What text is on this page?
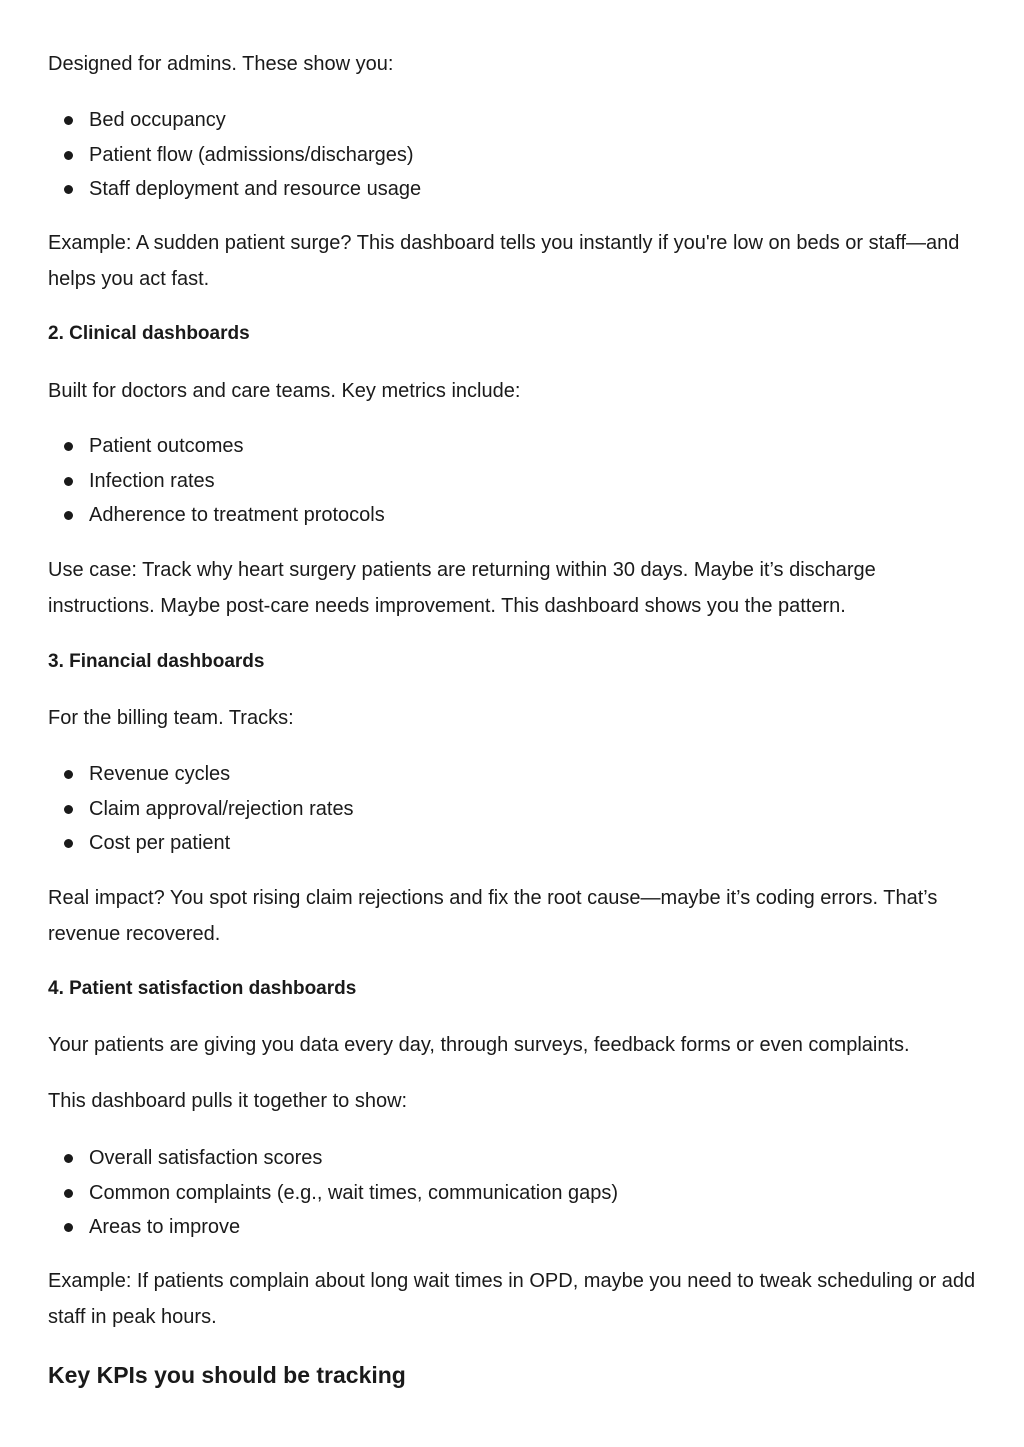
Designed for admins. These show you:

Bed occupancy
Patient flow (admissions/discharges)
Staff deployment and resource usage

Example: A sudden patient surge? This dashboard tells you instantly if you're low on beds or staff—and helps you act fast.

2. Clinical dashboards

Built for doctors and care teams. Key metrics include:

Patient outcomes
Infection rates
Adherence to treatment protocols

Use case: Track why heart surgery patients are returning within 30 days. Maybe it’s discharge instructions. Maybe post-care needs improvement. This dashboard shows you the pattern.

3. Financial dashboards

For the billing team. Tracks:

Revenue cycles
Claim approval/rejection rates
Cost per patient

Real impact? You spot rising claim rejections and fix the root cause—maybe it’s coding errors. That’s revenue recovered.

4. Patient satisfaction dashboards

Your patients are giving you data every day, through surveys, feedback forms or even complaints.

This dashboard pulls it together to show:

Overall satisfaction scores
Common complaints (e.g., wait times, communication gaps)
Areas to improve

Example: If patients complain about long wait times in OPD, maybe you need to tweak scheduling or add staff in peak hours.

Key KPIs you should be tracking
